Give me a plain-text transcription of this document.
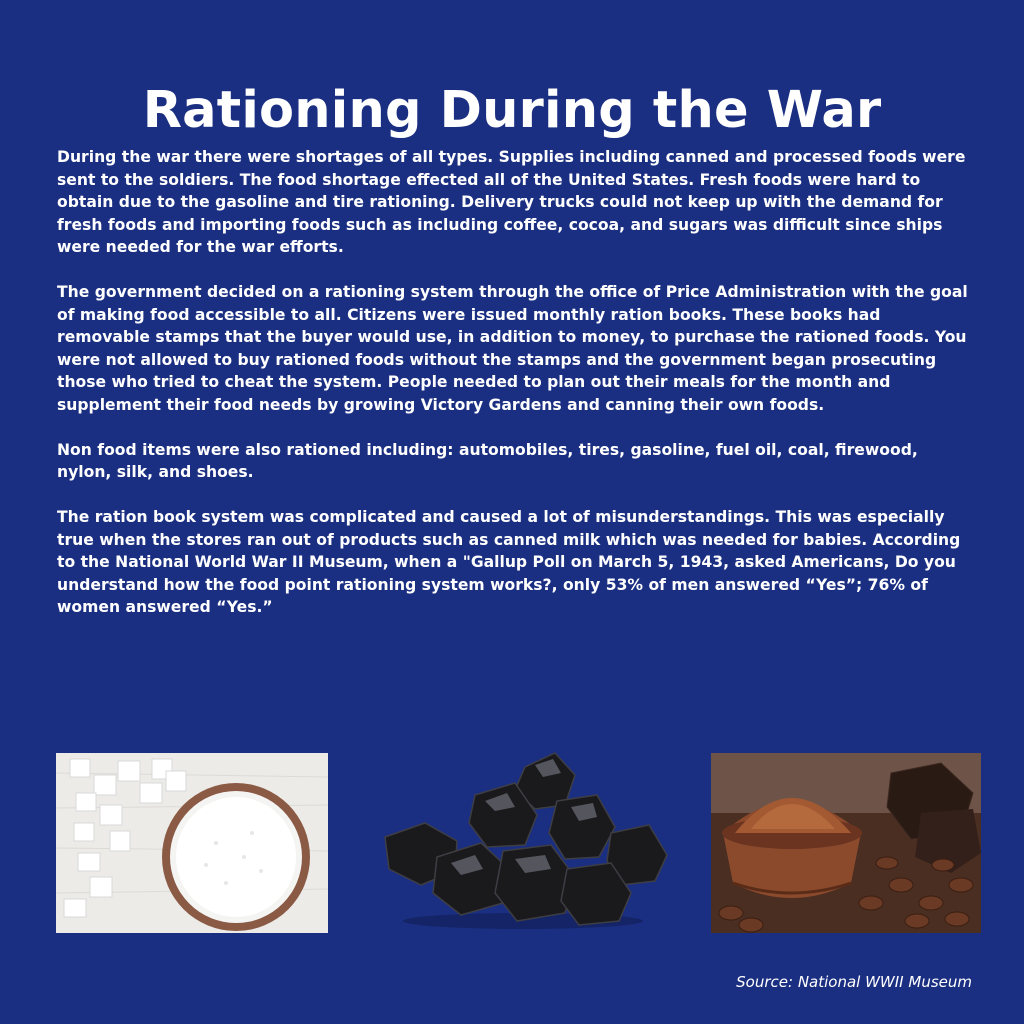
Rationing During the War

During the war there were shortages of all types. Supplies including canned and processed foods were sent to the soldiers. The food shortage effected all of the United States. Fresh foods were hard to obtain due to the gasoline and tire rationing. Delivery trucks could not keep up with the demand for fresh foods and importing foods such as including coffee, cocoa, and sugars was difficult since ships were needed for the war efforts.

The government decided on a rationing system through the office of Price Administration with the goal of making food accessible to all. Citizens were issued monthly ration books. These books had removable stamps that the buyer would use, in addition to money, to purchase the rationed foods. You were not allowed to buy rationed foods without the stamps and the government began prosecuting those who tried to cheat the system. People needed to plan out their meals for the month and supplement their food needs by growing Victory Gardens and canning their own foods.

Non food items were also rationed including: automobiles, tires, gasoline, fuel oil, coal, firewood, nylon, silk, and shoes.

The ration book system was complicated and caused a lot of misunderstandings. This was especially true when the stores ran out of products such as canned milk which was needed for babies. According to the National World War II Museum, when a "Gallup Poll on March 5, 1943, asked Americans, Do you understand how the food point rationing system works?, only 53% of men answered “Yes”; 76% of women answered “Yes.”

Source: National WWII Museum
